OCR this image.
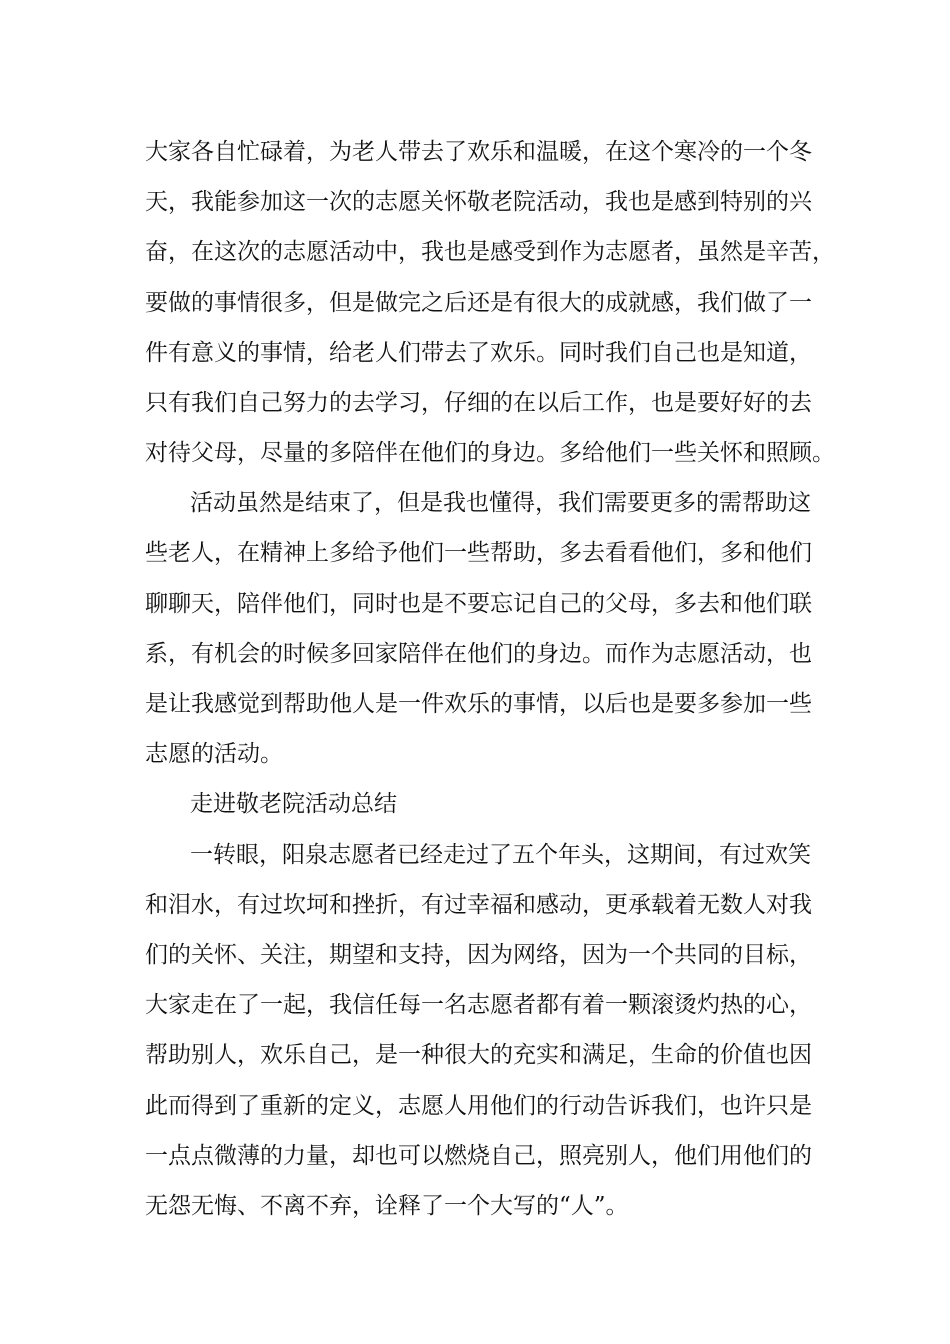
大家各自忙碌着，为老人带去了欢乐和温暖，在这个寒冷的一个冬
天，我能参加这一次的志愿关怀敬老院活动，我也是感到特别的兴
奋，在这次的志愿活动中，我也是感受到作为志愿者，虽然是辛苦，
要做的事情很多，但是做完之后还是有很大的成就感，我们做了一
件有意义的事情，给老人们带去了欢乐。同时我们自己也是知道，
只有我们自己努力的去学习，仔细的在以后工作，也是要好好的去
对待父母，尽量的多陪伴在他们的身边。多给他们一些关怀和照顾。
活动虽然是结束了，但是我也懂得，我们需要更多的需帮助这
些老人，在精神上多给予他们一些帮助，多去看看他们，多和他们
聊聊天，陪伴他们，同时也是不要忘记自己的父母，多去和他们联
系，有机会的时候多回家陪伴在他们的身边。而作为志愿活动，也
是让我感觉到帮助他人是一件欢乐的事情，以后也是要多参加一些
志愿的活动。
走进敬老院活动总结
一转眼，阳泉志愿者已经走过了五个年头，这期间，有过欢笑
和泪水，有过坎坷和挫折，有过幸福和感动，更承载着无数人对我
们的关怀、关注，期望和支持，因为网络，因为一个共同的目标，
大家走在了一起，我信任每一名志愿者都有着一颗滚烫灼热的心，
帮助别人，欢乐自己，是一种很大的充实和满足，生命的价值也因
此而得到了重新的定义，志愿人用他们的行动告诉我们，也许只是
一点点微薄的力量，却也可以燃烧自己，照亮别人，他们用他们的
无怨无悔、不离不弃，诠释了一个大写的“人”。
